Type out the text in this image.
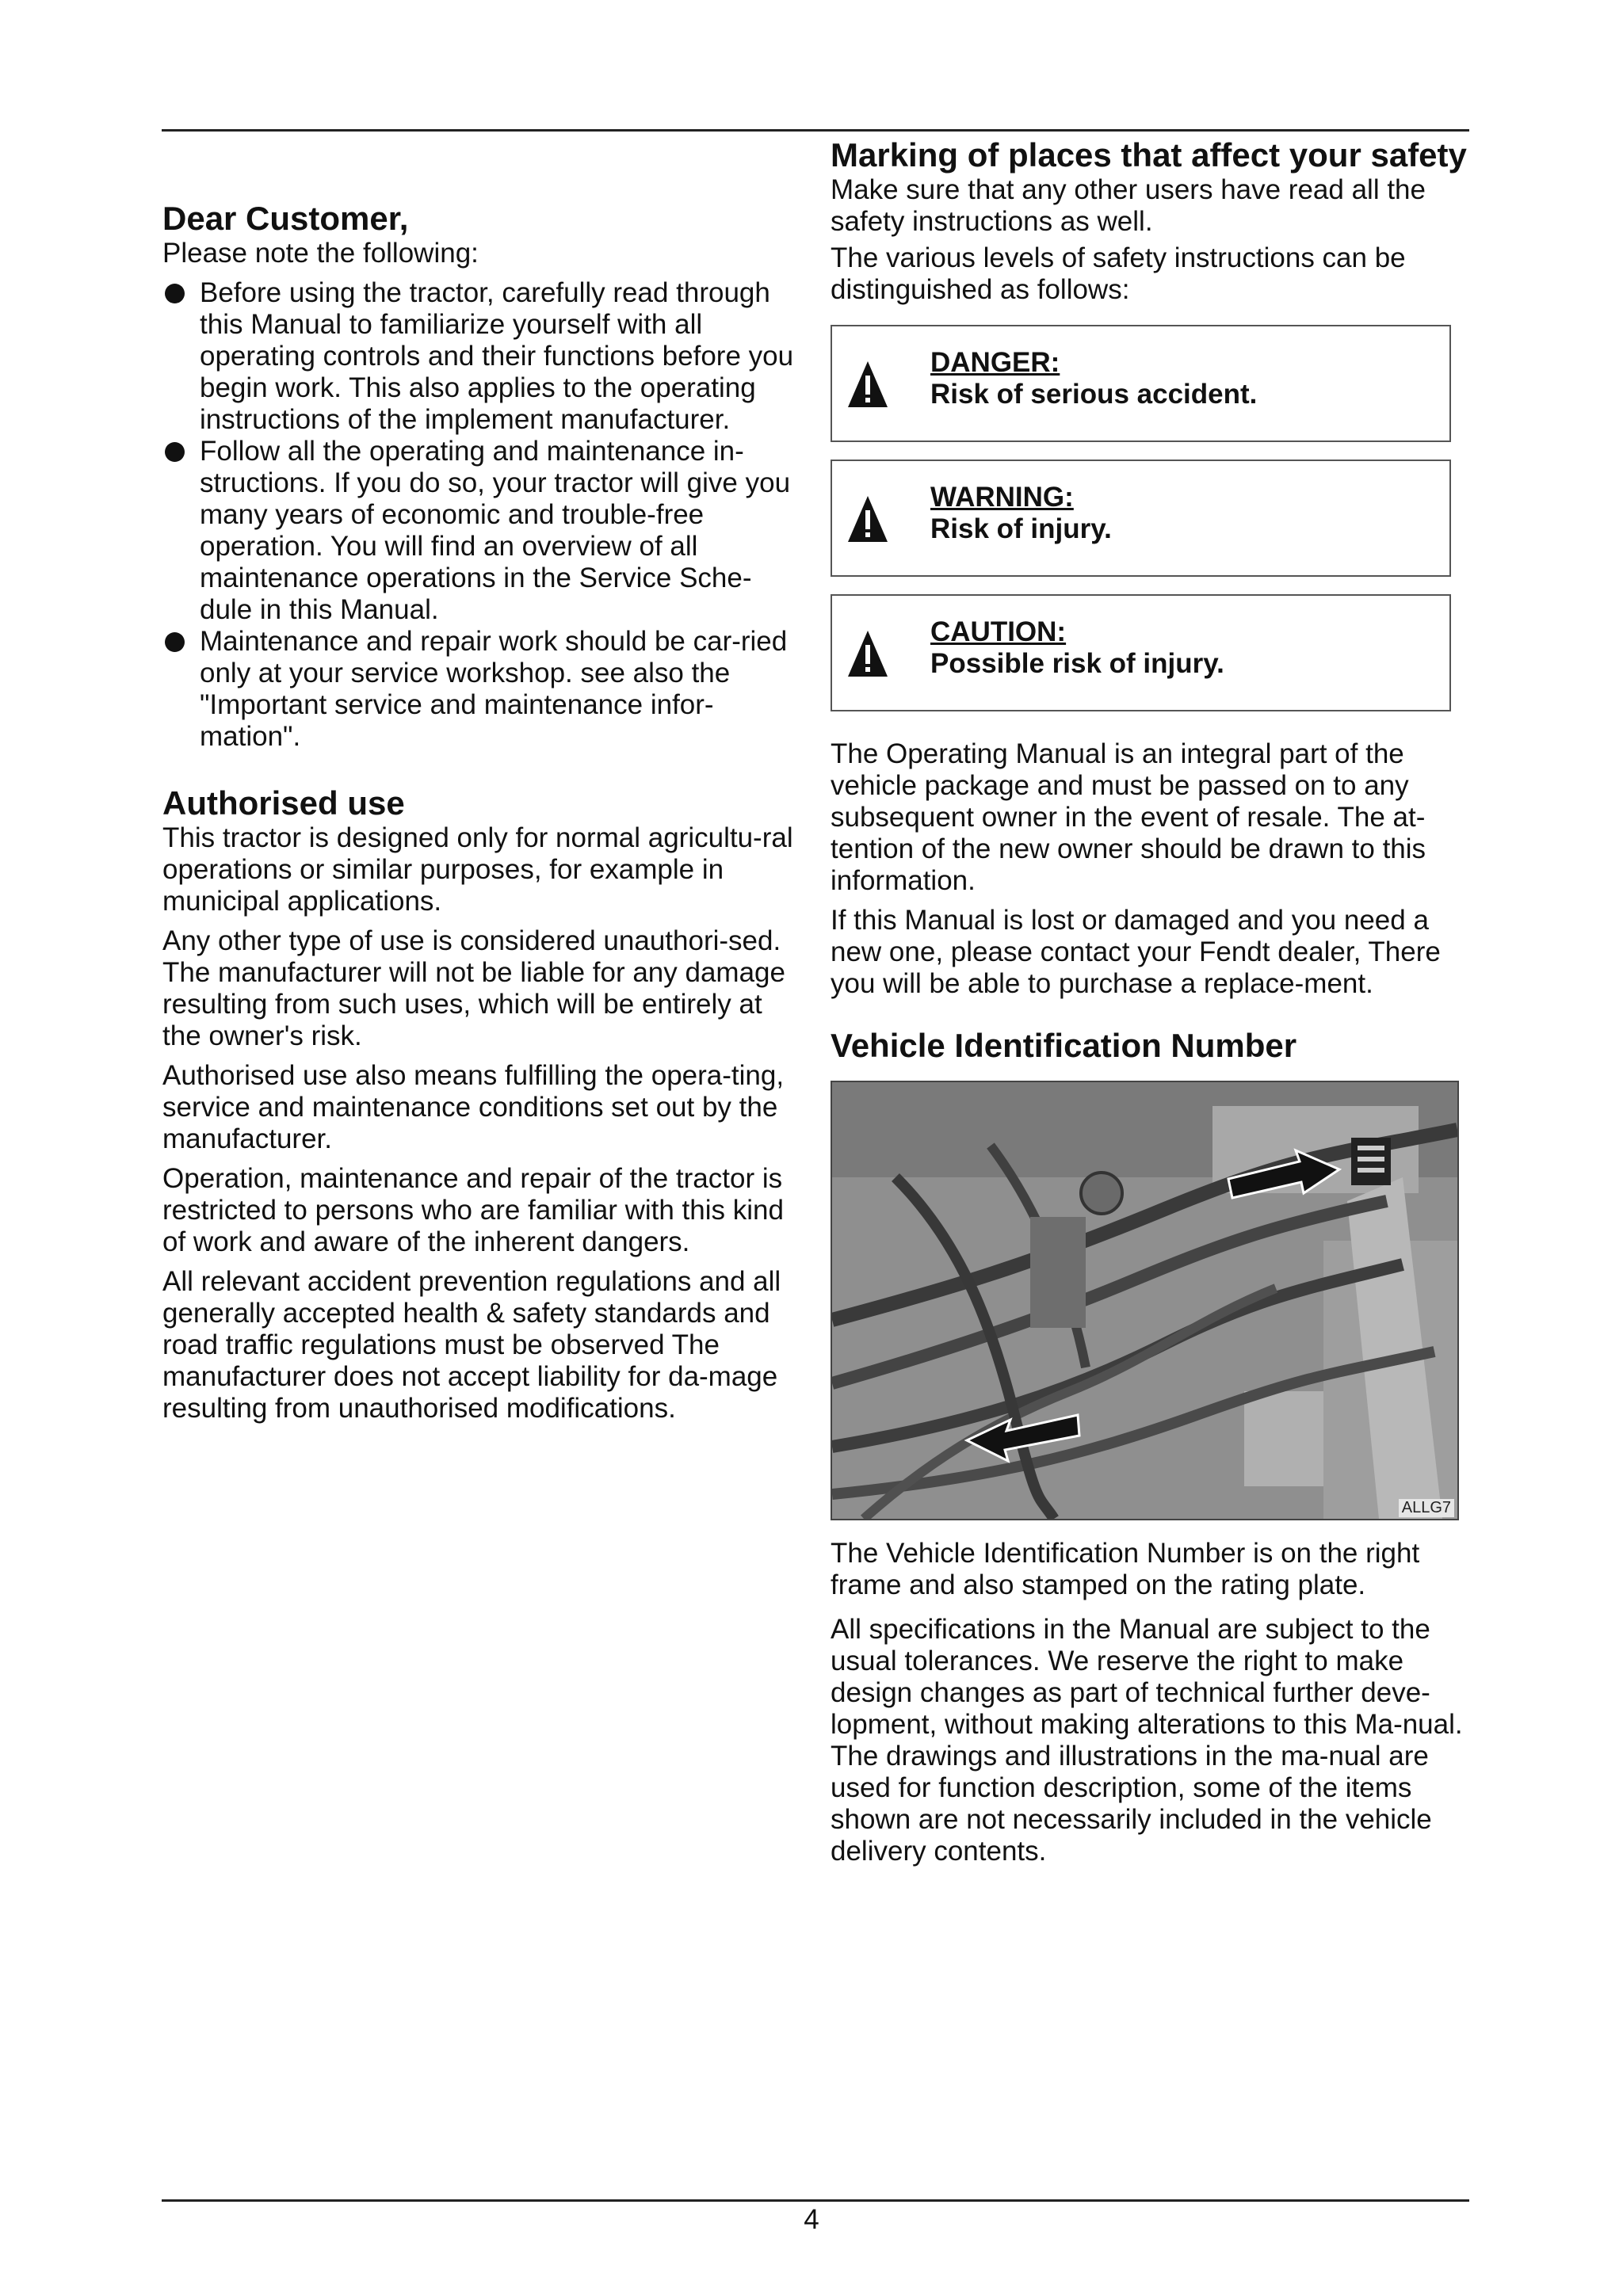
Dear Customer,

Please note the following:

Before using the tractor, carefully read through this Manual to familiarize yourself with all operating controls and their functions before you begin work. This also applies to the operating instructions of the implement manufacturer.
Follow all the operating and maintenance in-structions. If you do so, your tractor will give you many years of economic and trouble-free operation. You will find an overview of all maintenance operations in the Service Sche-dule in this Manual.
Maintenance and repair work should be car-ried only at your service workshop. see also the "Important service and maintenance infor-mation".
Authorised use

This tractor is designed only for normal agricultu-ral operations or similar purposes, for example in municipal applications.

Any other type of use is considered unauthori-sed. The manufacturer will not be liable for any damage resulting from such uses, which will be entirely at the owner's risk.

Authorised use also means fulfilling the opera-ting, service and maintenance conditions set out by the manufacturer.

Operation, maintenance and repair of the tractor is restricted to persons who are familiar with this kind of work and aware of the inherent dangers.

All relevant accident prevention regulations and all generally accepted health & safety standards and road traffic regulations must be observed The manufacturer does not accept liability for da-mage resulting from unauthorised modifications.

Marking of places that affect your safety

Make sure that any other users have read all the safety instructions as well.

The various levels of safety instructions can be distinguished as follows:

DANGER:
Risk of serious accident.
WARNING:
Risk of injury.
CAUTION:
Possible risk of injury.

The Operating Manual is an integral part of the vehicle package and must be passed on to any subsequent owner in the event of resale. The at-tention of the new owner should be drawn to this information.

If this Manual is lost or damaged and you need a new one, please contact your Fendt dealer, There you will be able to purchase a replace-ment.

Vehicle Identification Number
ALLG7

The Vehicle Identification Number is on the right frame and also stamped on the rating plate.

All specifications in the Manual are subject to the usual tolerances. We reserve the right to make design changes as part of technical further deve-lopment, without making alterations to this Ma-nual. The drawings and illustrations in the ma-nual are used for function description, some of the items shown are not necessarily included in the vehicle delivery contents.

4
